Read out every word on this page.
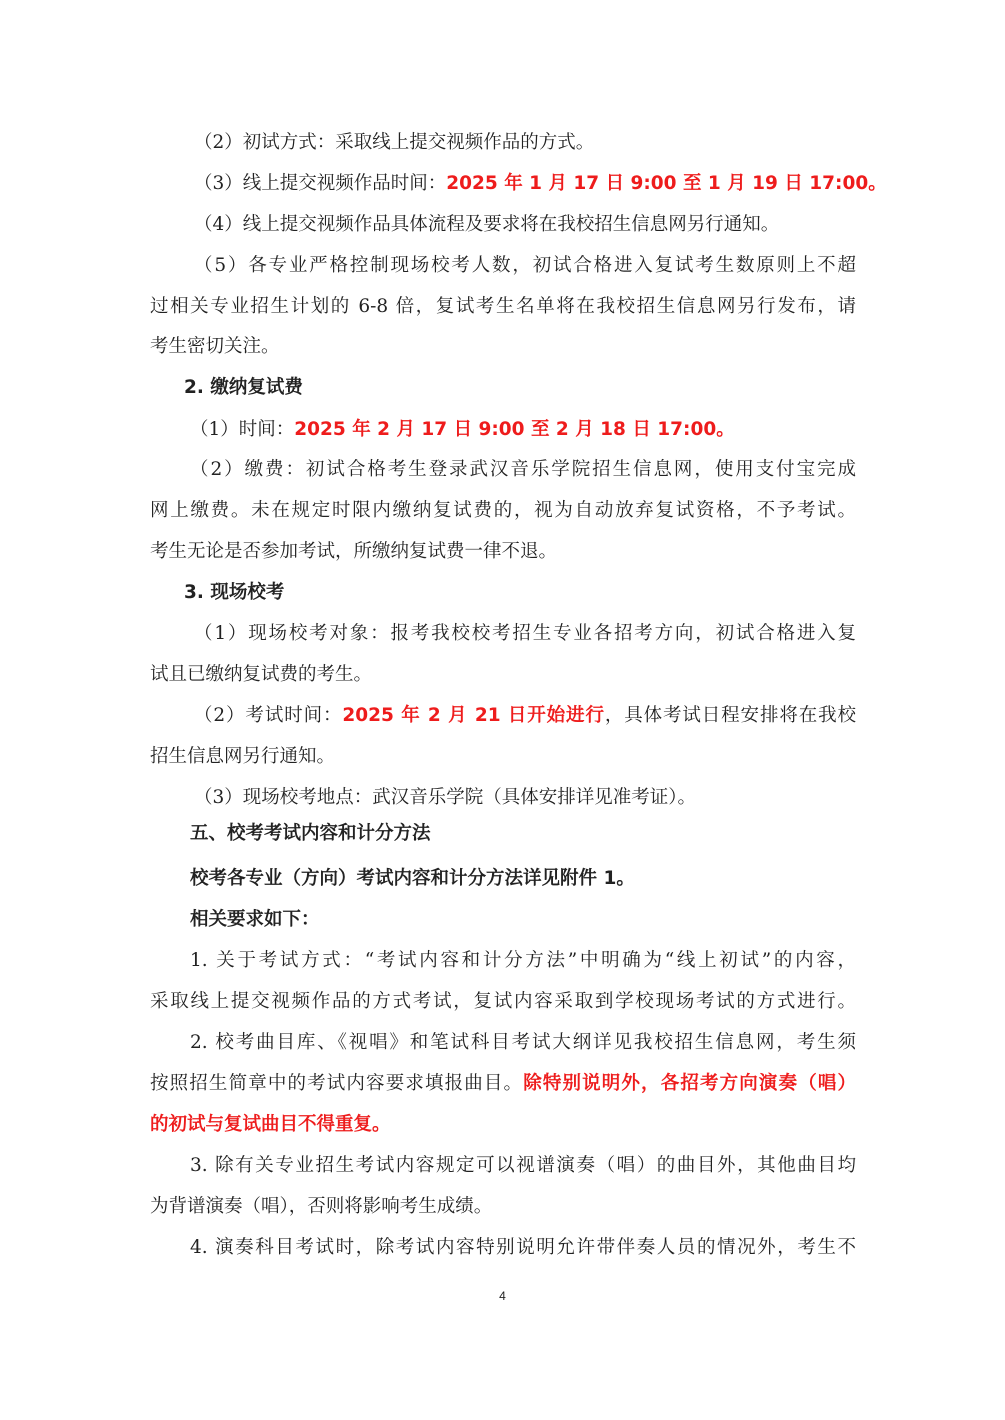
（2）初试方式：采取线上提交视频作品的方式。
（3）线上提交视频作品时间：2025 年 1 月 17 日 9:00 至 1 月 19 日 17:00。
（4）线上提交视频作品具体流程及要求将在我校招生信息网另行通知。
（5）各专业严格控制现场校考人数，初试合格进入复试考生数原则上不超
过相关专业招生计划的 6-8 倍，复试考生名单将在我校招生信息网另行发布，请
考生密切关注。
2. 缴纳复试费
（1）时间：2025 年 2 月 17 日 9:00 至 2 月 18 日 17:00。
（2）缴费：初试合格考生登录武汉音乐学院招生信息网，使用支付宝完成
网上缴费。未在规定时限内缴纳复试费的，视为自动放弃复试资格，不予考试。
考生无论是否参加考试，所缴纳复试费一律不退。
3. 现场校考
（1）现场校考对象：报考我校校考招生专业各招考方向，初试合格进入复
试且已缴纳复试费的考生。
（2）考试时间：2025 年 2 月 21 日开始进行，具体考试日程安排将在我校
招生信息网另行通知。
（3）现场校考地点：武汉音乐学院（具体安排详见准考证）。
五、校考考试内容和计分方法
校考各专业（方向）考试内容和计分方法详见附件 1。
相关要求如下：
1. 关于考试方式：“考试内容和计分方法”中明确为“线上初试”的内容，
采取线上提交视频作品的方式考试，复试内容采取到学校现场考试的方式进行。
2. 校考曲目库、《视唱》和笔试科目考试大纲详见我校招生信息网，考生须
按照招生简章中的考试内容要求填报曲目。除特别说明外，各招考方向演奏（唱）
的初试与复试曲目不得重复。
3. 除有关专业招生考试内容规定可以视谱演奏（唱）的曲目外，其他曲目均
为背谱演奏（唱），否则将影响考生成绩。
4. 演奏科目考试时，除考试内容特别说明允许带伴奏人员的情况外，考生不
4
